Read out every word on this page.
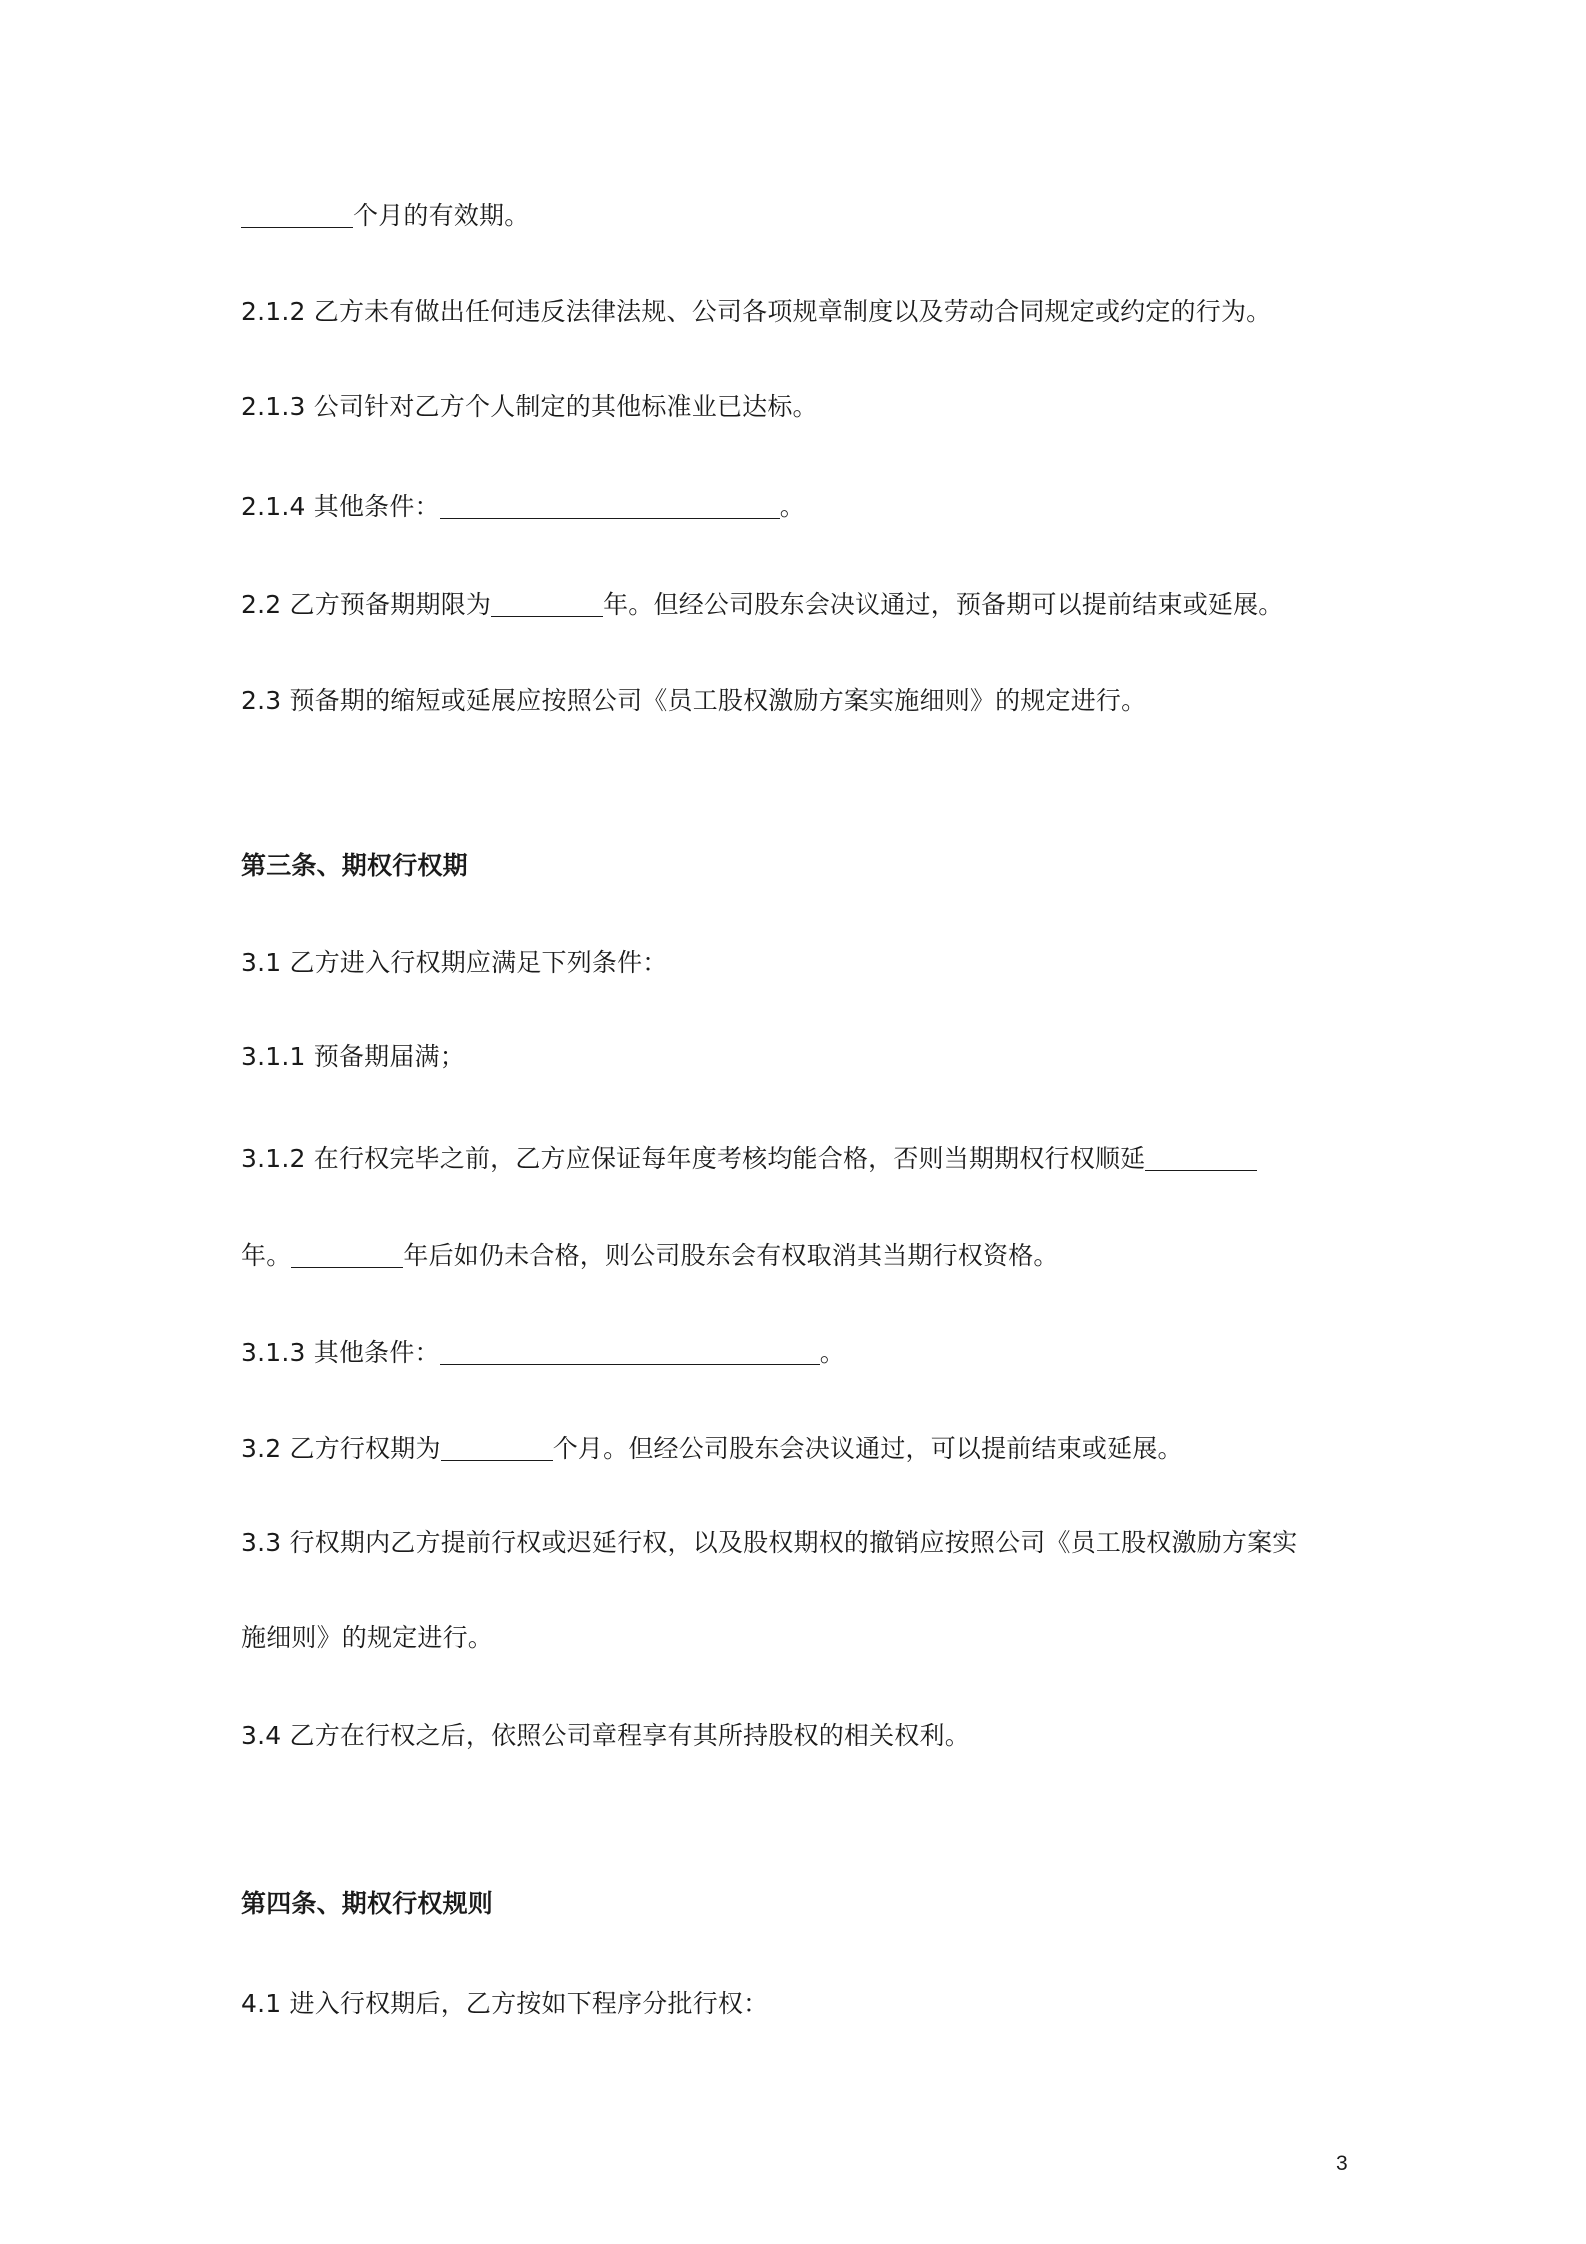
个月的有效期。
2.1.2 乙方未有做出任何违反法律法规、公司各项规章制度以及劳动合同规定或约定的行为。
2.1.3 公司针对乙方个人制定的其他标准业已达标。
2.1.4 其他条件：	。
2.2 乙方预备期期限为	年。但经公司股东会决议通过，预备期可以提前结束或延展。
2.3 预备期的缩短或延展应按照公司《员工股权激励方案实施细则》的规定进行。
第三条、期权行权期
3.1 乙方进入行权期应满足下列条件：
3.1.1 预备期届满；
3.1.2 在行权完毕之前，乙方应保证每年度考核均能合格，否则当期期权行权顺延
年。	年后如仍未合格，则公司股东会有权取消其当期行权资格。
3.1.3 其他条件：	。
3.2 乙方行权期为	个月。但经公司股东会决议通过，可以提前结束或延展。
3.3 行权期内乙方提前行权或迟延行权，以及股权期权的撤销应按照公司《员工股权激励方案实
施细则》的规定进行。
3.4 乙方在行权之后，依照公司章程享有其所持股权的相关权利。
第四条、期权行权规则
4.1 进入行权期后，乙方按如下程序分批行权：
3
